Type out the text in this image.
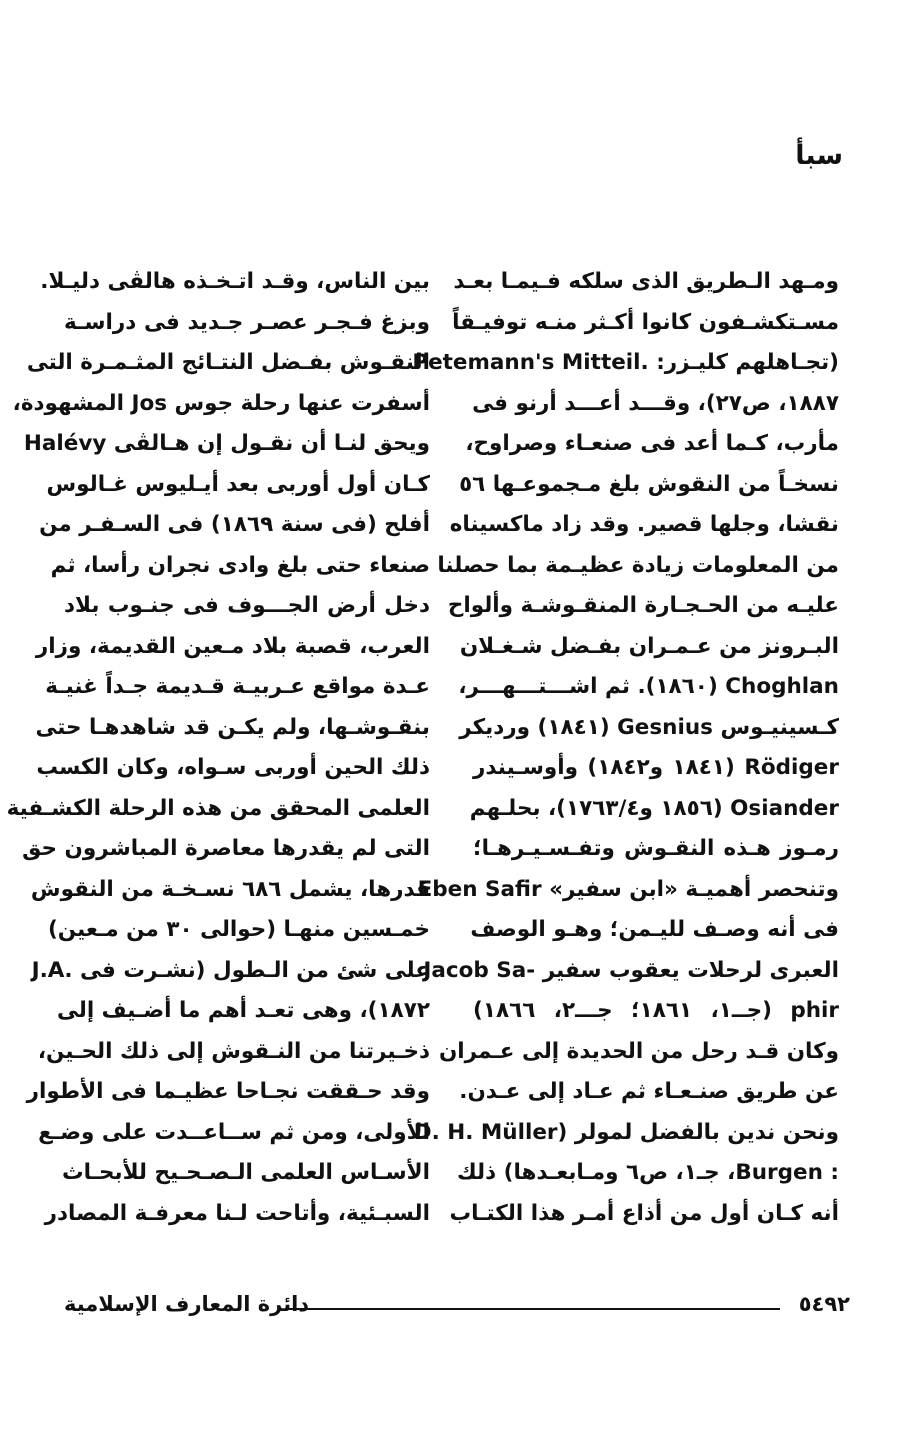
سبأ
ومـهد الـطريق الذى سلكه فـيمـا بعـد
مسـتكشـفون كانوا أكـثر منـه توفيـقاً
(تجـاهلهم كليـزر: .Petemann's Mitteil
١٨٨٧، ص٢٧)، وقـــد أعـــد أرنو فى
مأرب، كـما أعد فى صنعـاء وصراوح،
نسخـاً من النقوش بلغ مـجموعـها ٥٦
نقشا، وجلها قصير. وقد زاد ماكسيناه
من المعلومات زيادة عظيـمة بما حصلنا
عليـه من الحـجـارة المنقـوشـة وألواح
البـرونز من عـمـران بفـضل شـغـلان
Choghlan (١٨٦٠). ثم اشـــتـــهـــر،
كـسينيـوس Gesnius (١٨٤١) ورديكر
Rödiger (١٨٤١ و١٨٤٢) وأوسـيندر
Osiander (١٨٥٦ و١٧٦٣/٤)، بحلـهم
رمـوز هـذه النقـوش وتفـسـيـرهـا؛
وتنحصر أهميـة «ابن سفير» Eben Safir
فى أنه وصـف لليـمن؛ وهـو الوصف
العبرى لرحلات يعقوب سفير -Jacob Sa
phir (جــ١، ١٨٦١؛ جـــ٢، ١٨٦٦)
وكان قـد رحل من الحديدة إلى عـمران
عن طريق صنـعـاء ثم عـاد إلى عـدن.
ونحن ندين بالفضل لمولر (D. H. Müller
: Burgen، جـ١، ص٦ ومـابعـدها) ذلك
أنه كـان أول من أذاع أمـر هذا الكتـاب
بين الناس، وقـد اتـخـذه هالڤى دليـلا.
وبزغ فـجـر عصـر جـديد فى دراسـة
النقـوش بفـضل النتـائج المثـمـرة التى
أسفرت عنها رحلة جوس Jos المشهودة،
ويحق لنـا أن نقـول إن هـالڤى Halévy
كـان أول أوربى بعد أيـليوس غـالوس
أفلح (فى سنة ١٨٦٩) فى السـفـر من
صنعاء حتى بلغ وادى نجران رأسا، ثم
دخل أرض الجـــوف فى جنـوب بلاد
العرب، قصبة بلاد مـعين القديمة، وزار
عـدة مواقع عـربيـة قـديمة جـداً غنيـة
بنقـوشـها، ولم يكـن قد شاهدهـا حتى
ذلك الحين أوربى سـواه، وكان الكسب
العلمى المحقق من هذه الرحلة الكشـفية
التى لم يقدرها معاصرة المباشرون حق
قدرها، يشمل ٦٨٦ نسـخـة من النقوش
خمـسين منهـا (حوالى ٣٠ من مـعين)
على شئ من الـطول (نشـرت فى .J.A
١٨٧٢)، وهى تعـد أهم ما أضـيف إلى
ذخـيرتنا من النـقوش إلى ذلك الحـين،
وقد حـققت نجـاحا عظيـما فى الأطوار
الأولى، ومن ثم ســاعــدت على وضـع
الأسـاس العلمى الـصـحـيح للأبحـاث
السبـئية، وأتاحت لـنا معرفـة المصادر
دائرة المعارف الإسلامية	٥٤٩٢
